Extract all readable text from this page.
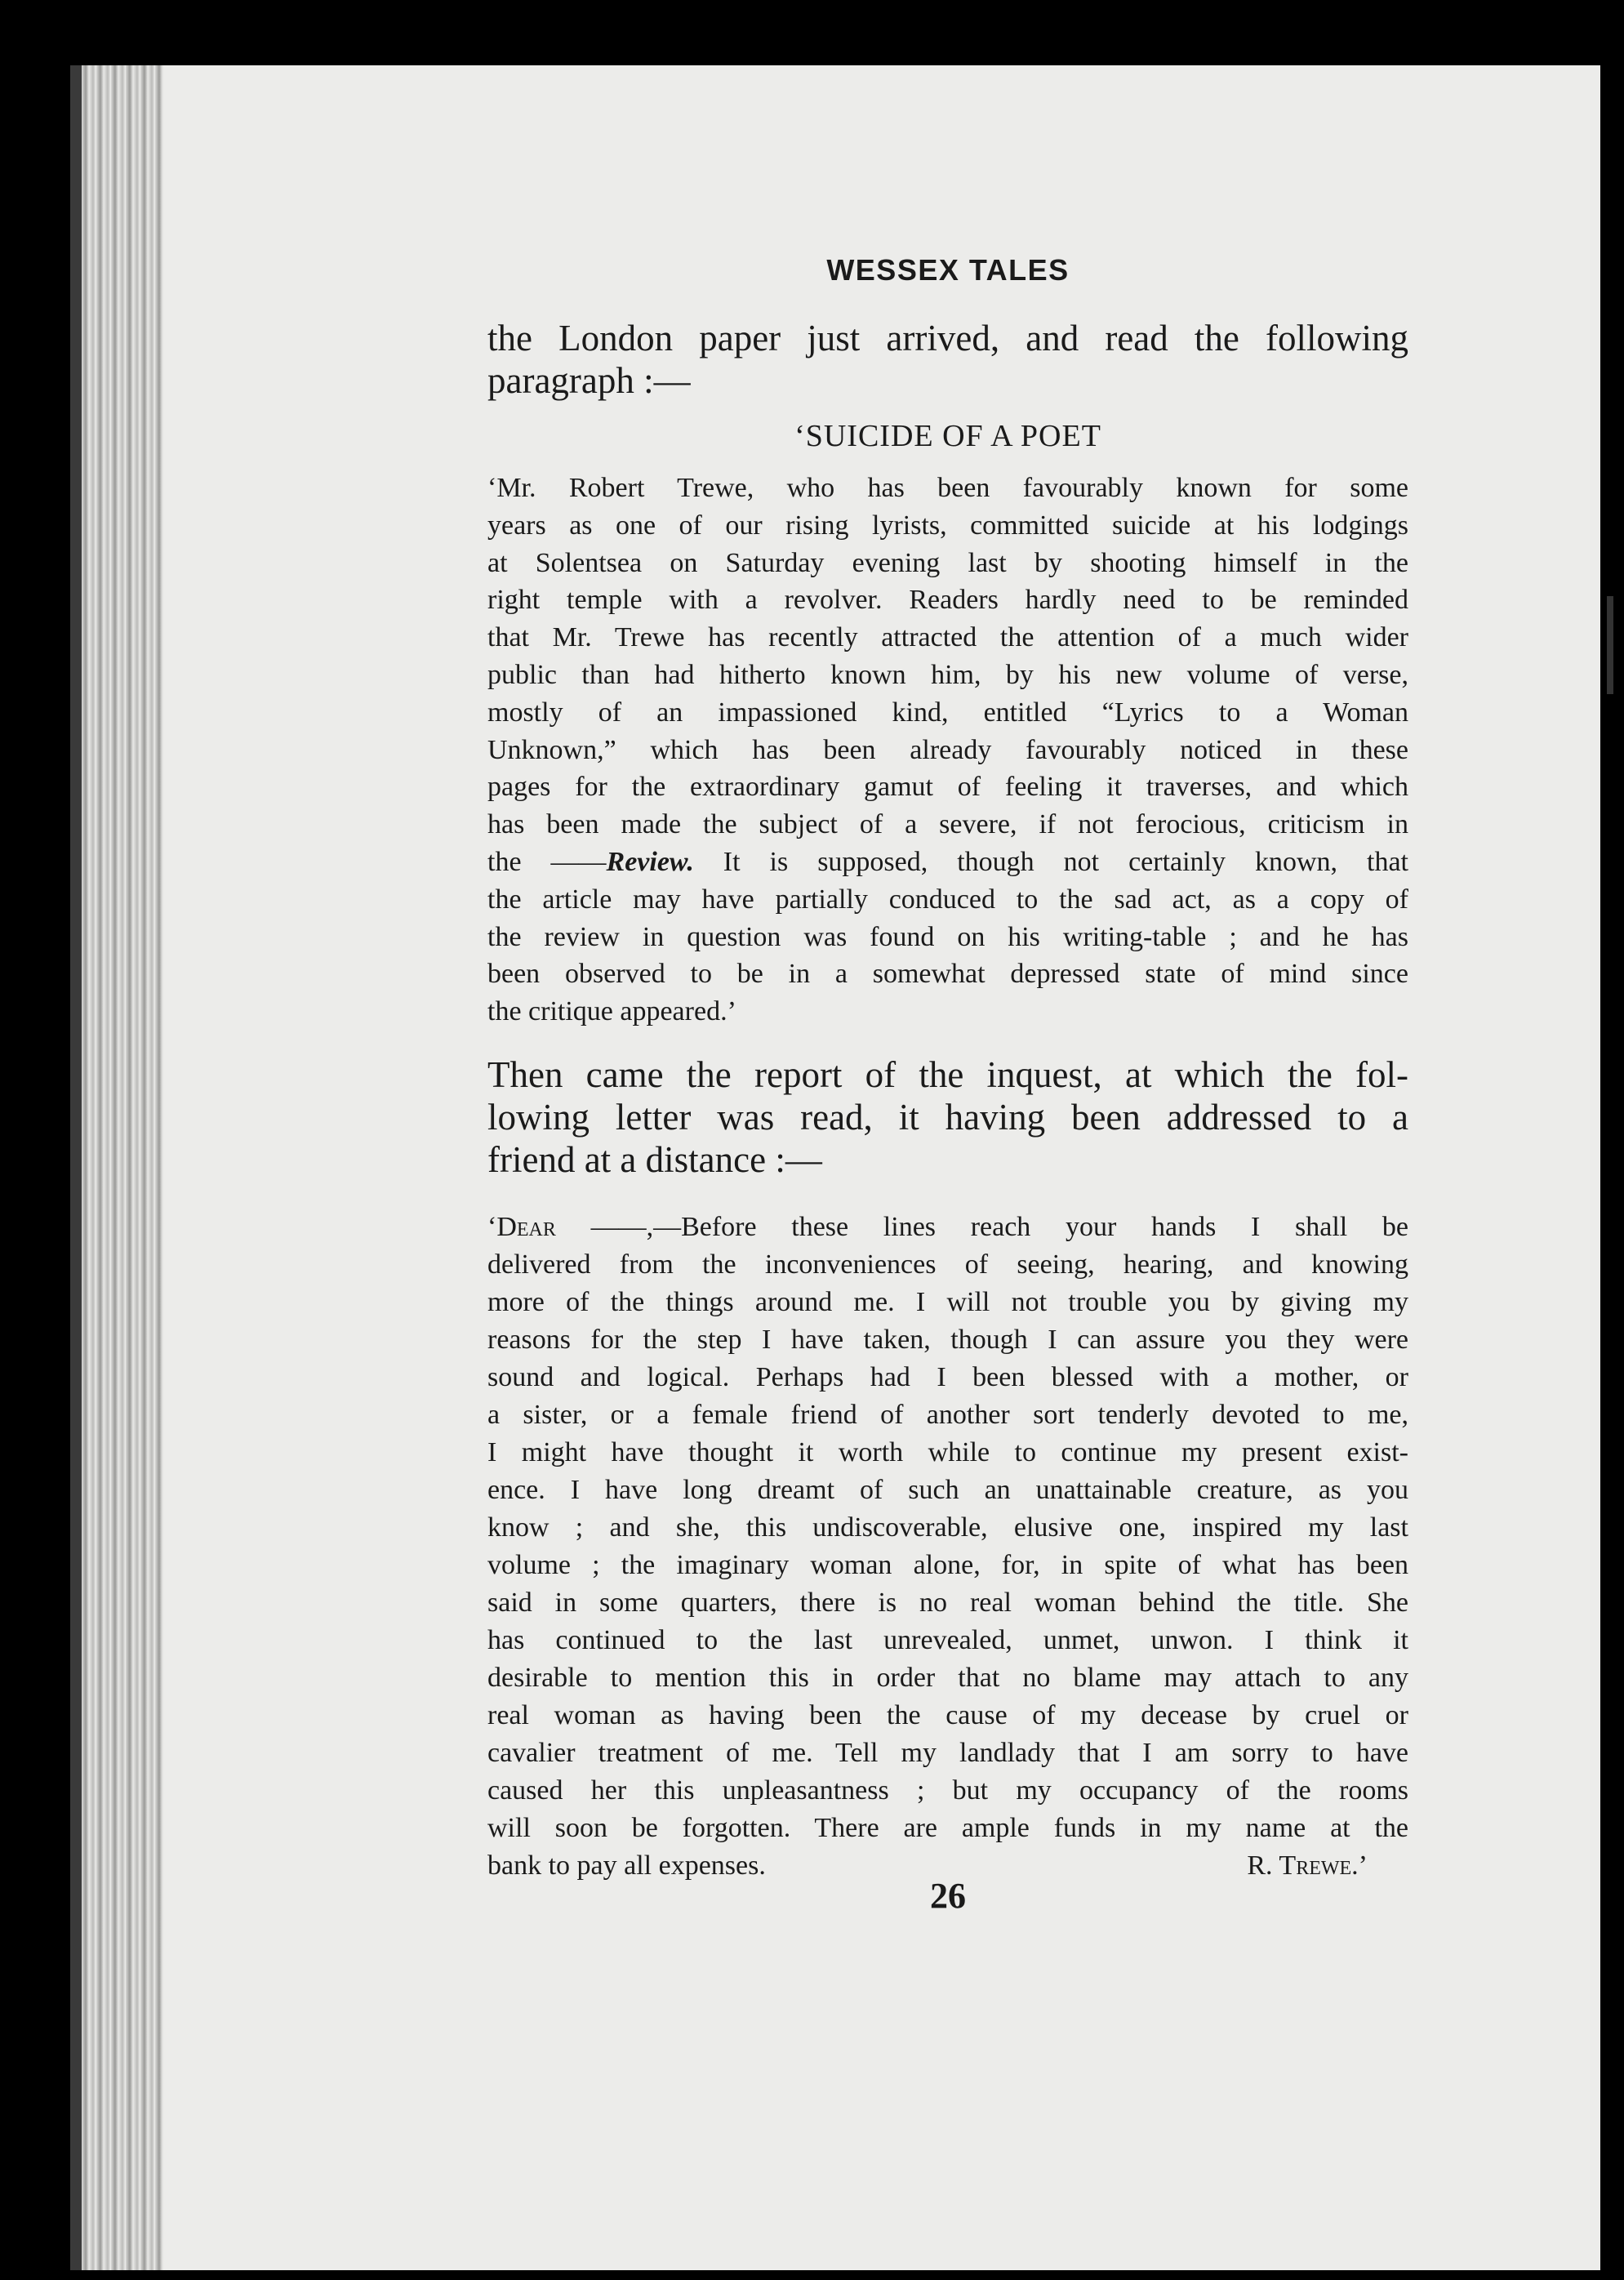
WESSEX TALES
the London paper just arrived, and read the following
paragraph :—
‘SUICIDE OF A POET
‘Mr. Robert Trewe, who has been favourably known for some
years as one of our rising lyrists, committed suicide at his lodgings
at Solentsea on Saturday evening last by shooting himself in the
right temple with a revolver. Readers hardly need to be reminded
that Mr. Trewe has recently attracted the attention of a much wider
public than had hitherto known him, by his new volume of verse,
mostly of an impassioned kind, entitled “Lyrics to a Woman
Unknown,” which has been already favourably noticed in these
pages for the extraordinary gamut of feeling it traverses, and which
has been made the subject of a severe, if not ferocious, criticism in
the ——Review. It is supposed, though not certainly known, that
the article may have partially conduced to the sad act, as a copy of
the review in question was found on his writing-table ; and he has
been observed to be in a somewhat depressed state of mind since
the critique appeared.’
Then came the report of the inquest, at which the fol-
lowing letter was read, it having been addressed to a
friend at a distance :—
‘Dear ——,—Before these lines reach your hands I shall be
delivered from the inconveniences of seeing, hearing, and knowing
more of the things around me. I will not trouble you by giving my
reasons for the step I have taken, though I can assure you they were
sound and logical. Perhaps had I been blessed with a mother, or
a sister, or a female friend of another sort tenderly devoted to me,
I might have thought it worth while to continue my present exist-
ence. I have long dreamt of such an unattainable creature, as you
know ; and she, this undiscoverable, elusive one, inspired my last
volume ; the imaginary woman alone, for, in spite of what has been
said in some quarters, there is no real woman behind the title. She
has continued to the last unrevealed, unmet, unwon. I think it
desirable to mention this in order that no blame may attach to any
real woman as having been the cause of my decease by cruel or
cavalier treatment of me. Tell my landlady that I am sorry to have
caused her this unpleasantness ; but my occupancy of the rooms
will soon be forgotten. There are ample funds in my name at the
bank to pay all expenses.	R. Trewe.’
26
